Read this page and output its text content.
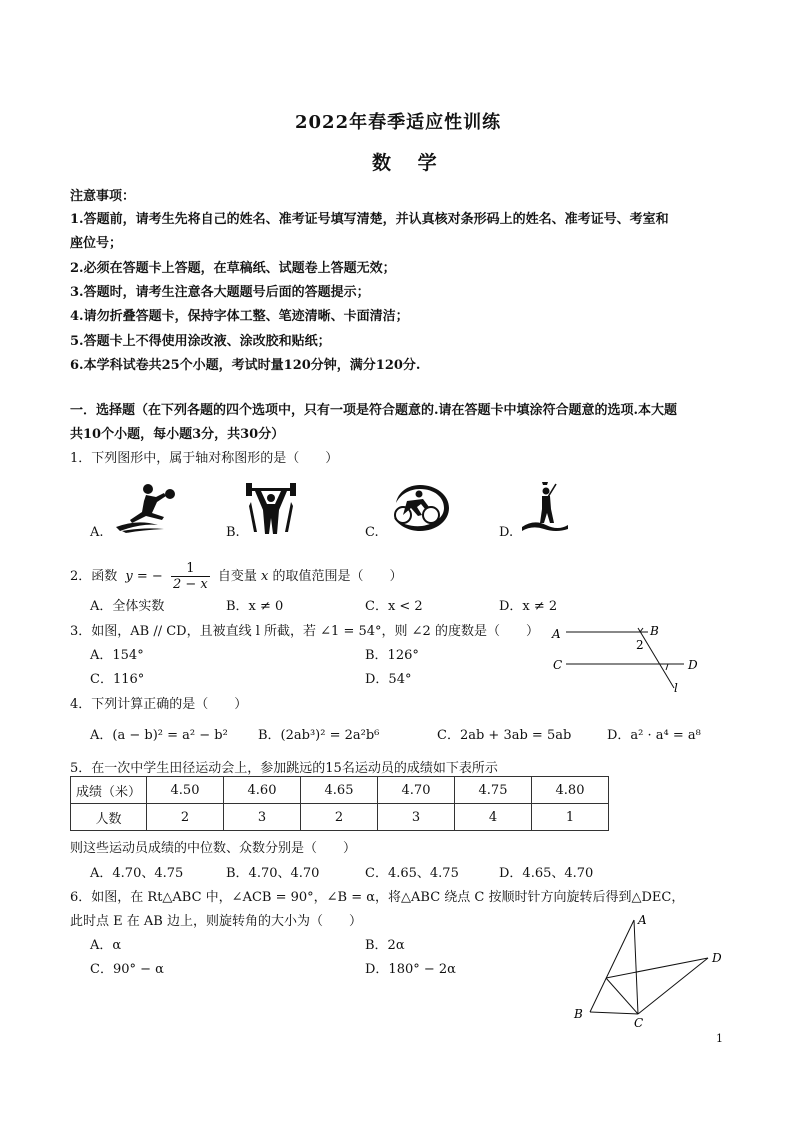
2022年春季适应性训练
数 学
注意事项：
1.答题前，请考生先将自己的姓名、准考证号填写清楚，并认真核对条形码上的姓名、准考证号、考室和
座位号；
2.必须在答题卡上答题，在草稿纸、试题卷上答题无效；
3.答题时，请考生注意各大题题号后面的答题提示；
4.请勿折叠答题卡，保持字体工整、笔迹清晰、卡面清洁；
5.答题卡上不得使用涂改液、涂改胶和贴纸；
6.本学科试卷共25个小题，考试时量120分钟，满分120分.
一．选择题（在下列各题的四个选项中，只有一项是符合题意的.请在答题卡中填涂符合题意的选项.本大题
共10个小题，每小题3分，共30分）
1．下列图形中，属于轴对称图形的是（　　）
A.	B.	C.	D.
2．函数 y = − $\frac{1}{2 - x}$ 自变量 x 的取值范围是（　　）
A．全体实数	B．x ≠ 0	C．x < 2	D．x ≠ 2
3．如图，AB // CD，且被直线 l 所截，若 ∠1 = 54°，则 ∠2 的度数是（　　）
A．154°	B．126°
C．116°	D．54°
A	B
C	D
l
2
4．下列计算正确的是（　　）
A．(a − b)² = a² − b² B．(2ab³)² = 2a²b⁶	C．2ab + 3ab = 5ab	D．a² · a⁴ = a⁸
5．在一次中学生田径运动会上，参加跳远的15名运动员的成绩如下表所示
成绩（米）	4.50	4.60	4.65	4.70	4.75	4.80
人数	2	3	2	3	4	1
则这些运动员成绩的中位数、众数分别是（　　）
A．4.70、4.75	B．4.70、4.70	C．4.65、4.75	D．4.65、4.70
6．如图，在 Rt△ABC 中，∠ACB = 90°，∠B = α，将△ABC 绕点 C 按顺时针方向旋转后得到△DEC，
此时点 E 在 AB 边上，则旋转角的大小为（　　）
A．α	B．2α
C．90° − α	D．180° − 2α
A
B
C
D
1
